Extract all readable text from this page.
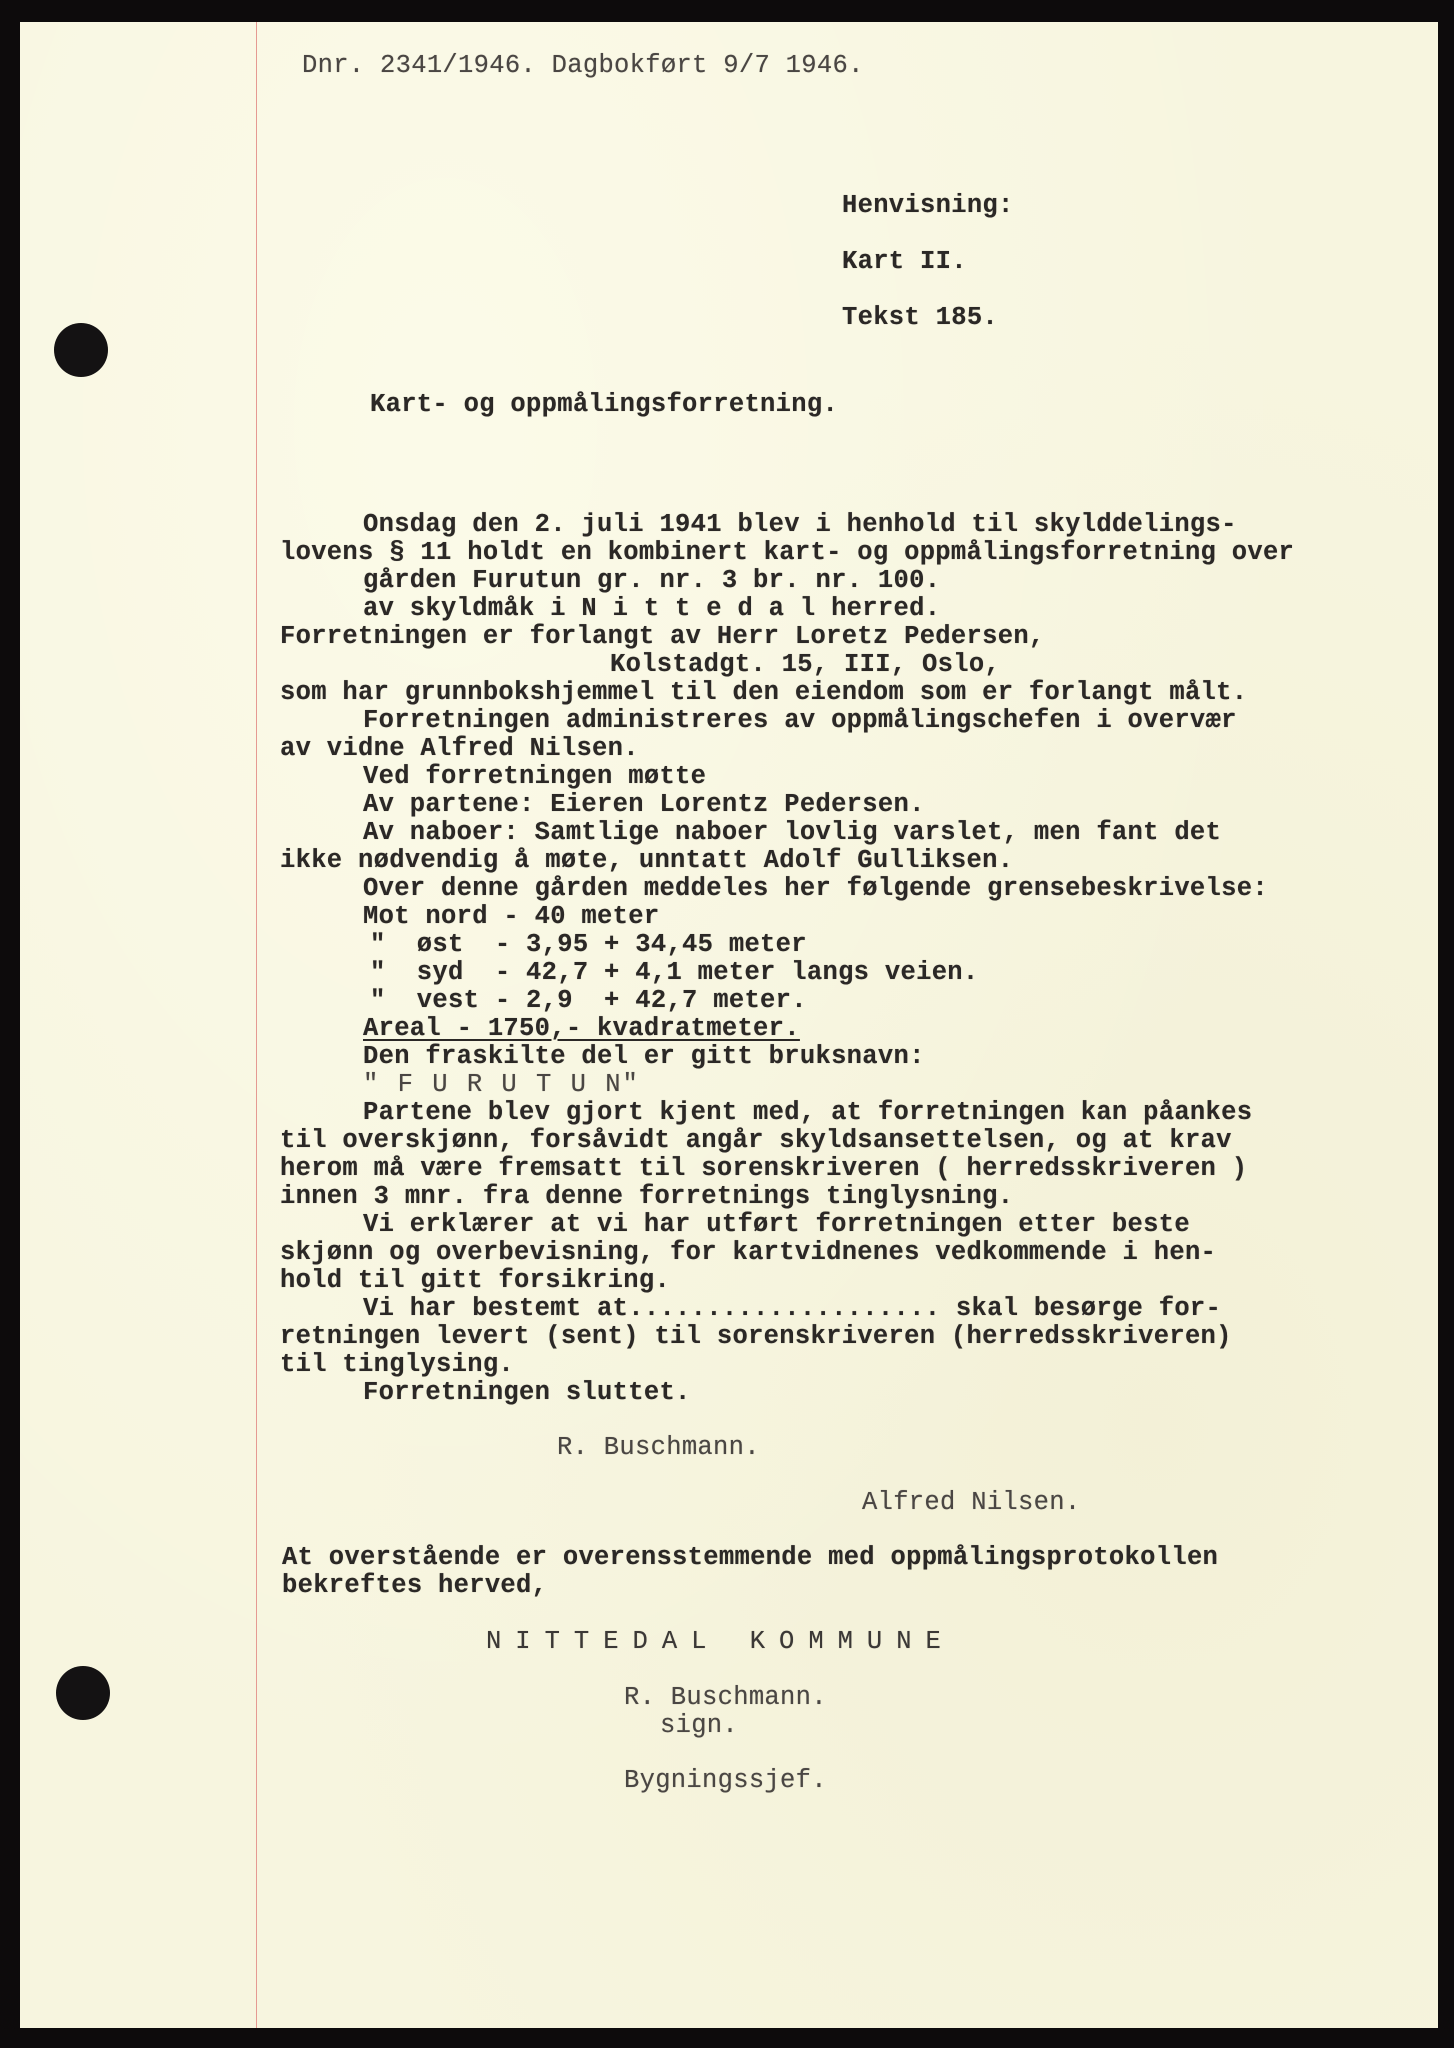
Dnr. 2341/1946. Dagbokført 9/7 1946.
Henvisning:
Kart II.
Tekst 185.
Kart- og oppmålingsforretning.
Onsdag den 2. juli 1941 blev i henhold til skylddelings-
lovens § 11 holdt en kombinert kart- og oppmålingsforretning over
gården Furutun gr. nr. 3 br. nr. 100.
av skyldmåk i N i t t e d a l herred.
Forretningen er forlangt av Herr Loretz Pedersen,
Kolstadgt. 15, III, Oslo,
som har grunnbokshjemmel til den eiendom som er forlangt målt.
Forretningen administreres av oppmålingschefen i overvær
av vidne Alfred Nilsen.
Ved forretningen møtte
Av partene: Eieren Lorentz Pedersen.
Av naboer: Samtlige naboer lovlig varslet, men fant det
ikke nødvendig å møte, unntatt Adolf Gulliksen.
Over denne gården meddeles her følgende grensebeskrivelse:
Mot nord - 40 meter
"  øst  - 3,95 + 34,45 meter
"  syd  - 42,7 + 4,1 meter langs veien.
"  vest - 2,9  + 42,7 meter.
Areal - 1750,- kvadratmeter.
Den fraskilte del er gitt bruksnavn:
" F U R U T U N"
Partene blev gjort kjent med, at forretningen kan påankes
til overskjønn, forsåvidt angår skyldsansettelsen, og at krav
herom må være fremsatt til sorenskriveren ( herredsskriveren )
innen 3 mnr. fra denne forretnings tinglysning.
Vi erklærer at vi har utført forretningen etter beste
skjønn og overbevisning, for kartvidnenes vedkommende i hen-
hold til gitt forsikring.
Vi har bestemt at.................... skal besørge for-
retningen levert (sent) til sorenskriveren (herredsskriveren)
til tinglysing.
Forretningen sluttet.
R. Buschmann.
Alfred Nilsen.
At overstående er overensstemmende med oppmålingsprotokollen
bekreftes herved,
NITTEDAL KOMMUNE
R. Buschmann.
sign.
Bygningssjef.
